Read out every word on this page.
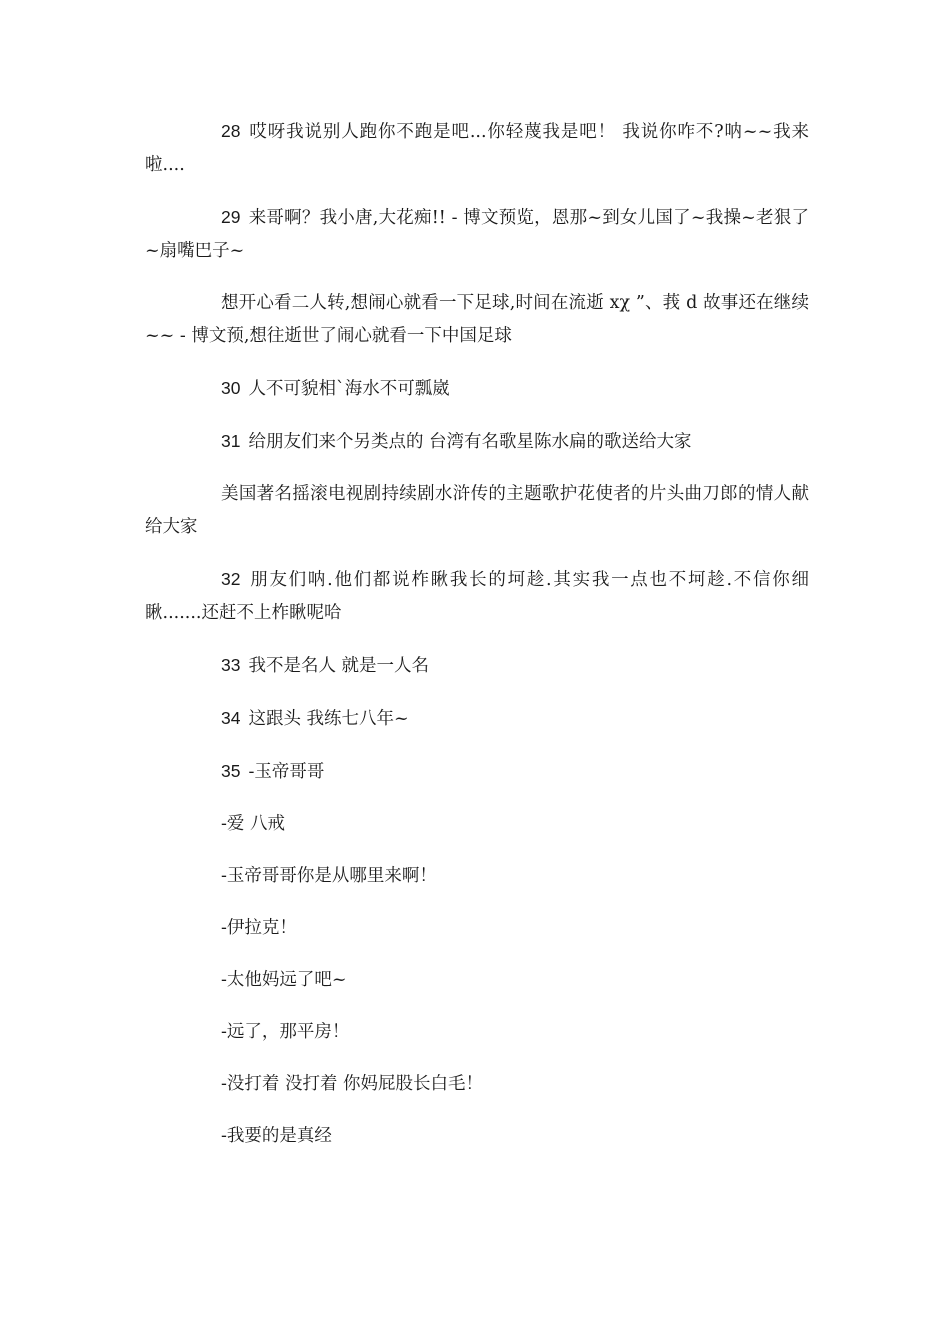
28 哎呀我说别人跑你不跑是吧...你轻蔑我是吧！ 我说你咋不?呐~~我来啦....

29 来哥啊？我小唐,大花痴!! - 博文预览，恩那~到女儿国了~我操~老狠了~扇嘴巴子~

想开心看二人转,想闹心就看一下足球,时间在流逝 xχ ”、莪 d 故事还在继续~~ - 博文预,想往逝世了闹心就看一下中国足球

30 人不可貌相`海水不可瓢崴

31 给朋友们来个另类点的 台湾有名歌星陈水扁的歌送给大家

美国著名摇滚电视剧持续剧水浒传的主题歌护花使者的片头曲刀郎的情人献给大家

32 朋友们呐.他们都说柞瞅我长的坷趁.其实我一点也不坷趁.不信你细瞅.......还赶不上柞瞅呢哈

33 我不是名人 就是一人名

34 这跟头 我练七八年~

35 -玉帝哥哥

-爱 八戒

-玉帝哥哥你是从哪里来啊！

-伊拉克！

-太他妈远了吧~

-远了，那平房！

-没打着 没打着 你妈屁股长白毛！

-我要的是真经
